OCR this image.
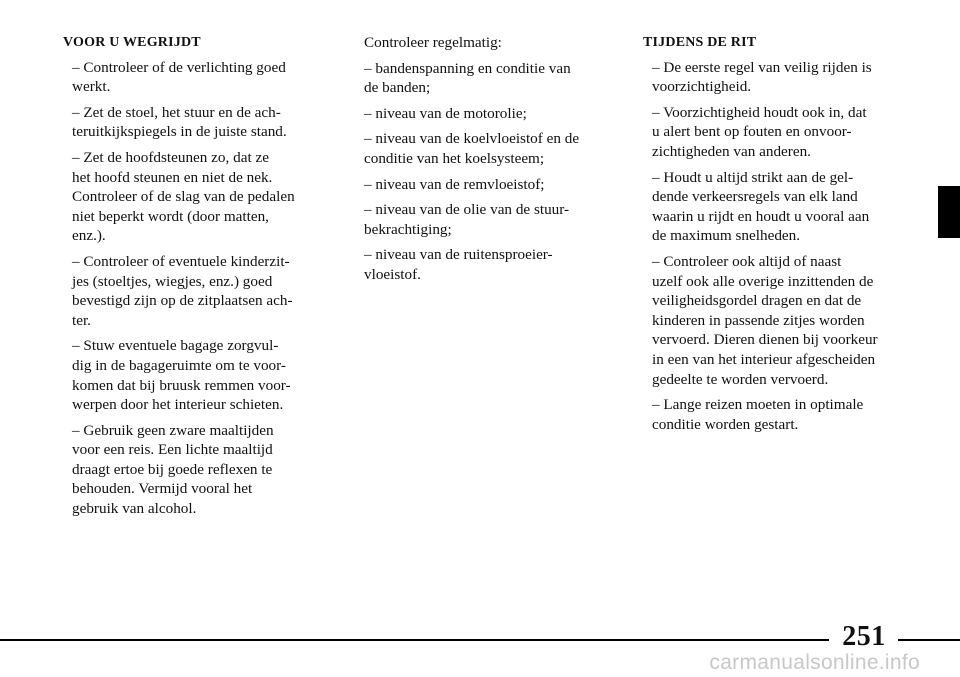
VOOR U WEGRIJDT
– Controleer of de verlichting goed
werkt.
– Zet de stoel, het stuur en de ach-
teruitkijkspiegels in de juiste stand.
– Zet de hoofdsteunen zo, dat ze
het hoofd steunen en niet de nek.
Controleer of de slag van de pedalen
niet beperkt wordt (door matten,
enz.).
– Controleer of eventuele kinderzit-
jes (stoeltjes, wiegjes, enz.) goed
bevestigd zijn op de zitplaatsen ach-
ter.
– Stuw eventuele bagage zorgvul-
dig in de bagageruimte om te voor-
komen dat bij bruusk remmen voor-
werpen door het interieur schieten.
– Gebruik geen zware maaltijden
voor een reis. Een lichte maaltijd
draagt ertoe bij goede reflexen te
behouden. Vermijd vooral het
gebruik van alcohol.
Controleer regelmatig:
– bandenspanning en conditie van
de banden;
– niveau van de motorolie;
– niveau van de koelvloeistof en de
conditie van het koelsysteem;
– niveau van de remvloeistof;
– niveau van de olie van de stuur-
bekrachtiging;
– niveau van de ruitensproeier-
vloeistof.
TIJDENS DE RIT
– De eerste regel van veilig rijden is
voorzichtigheid.
– Voorzichtigheid houdt ook in, dat
u alert bent op fouten en onvoor-
zichtigheden van anderen.
– Houdt u altijd strikt aan de gel-
dende verkeersregels van elk land
waarin u rijdt en houdt u vooral aan
de maximum snelheden.
– Controleer ook altijd of naast
uzelf ook alle overige inzittenden de
veiligheidsgordel dragen en dat de
kinderen in passende zitjes worden
vervoerd. Dieren dienen bij voorkeur
in een van het interieur afgescheiden
gedeelte te worden vervoerd.
– Lange reizen moeten in optimale
conditie worden gestart.
251
carmanualsonline.info
